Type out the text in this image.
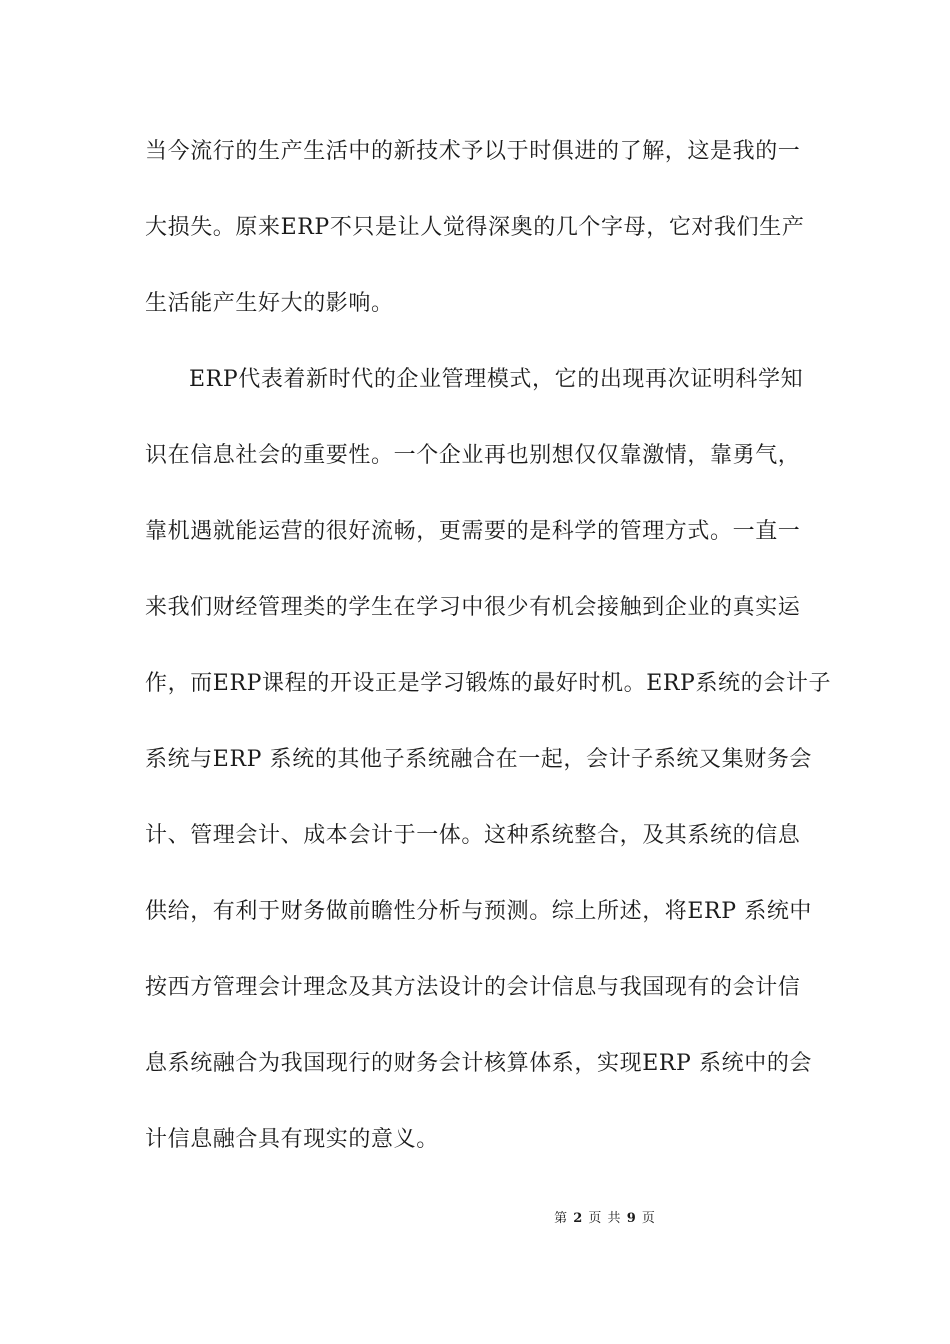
当今流行的生产生活中的新技术予以于时俱进的了解，这是我的一
大损失。原来ERP不只是让人觉得深奥的几个字母，它对我们生产
生活能产生好大的影响。
ERP代表着新时代的企业管理模式，它的出现再次证明科学知
识在信息社会的重要性。一个企业再也别想仅仅靠激情，靠勇气，
靠机遇就能运营的很好流畅，更需要的是科学的管理方式。一直一
来我们财经管理类的学生在学习中很少有机会接触到企业的真实运
作，而ERP课程的开设正是学习锻炼的最好时机。ERP系统的会计子
系统与ERP 系统的其他子系统融合在一起，会计子系统又集财务会
计、管理会计、成本会计于一体。这种系统整合，及其系统的信息
供给，有利于财务做前瞻性分析与预测。综上所述，将ERP 系统中
按西方管理会计理念及其方法设计的会计信息与我国现有的会计信
息系统融合为我国现行的财务会计核算体系，实现ERP 系统中的会
计信息融合具有现实的意义。
第 2 页 共 9 页
